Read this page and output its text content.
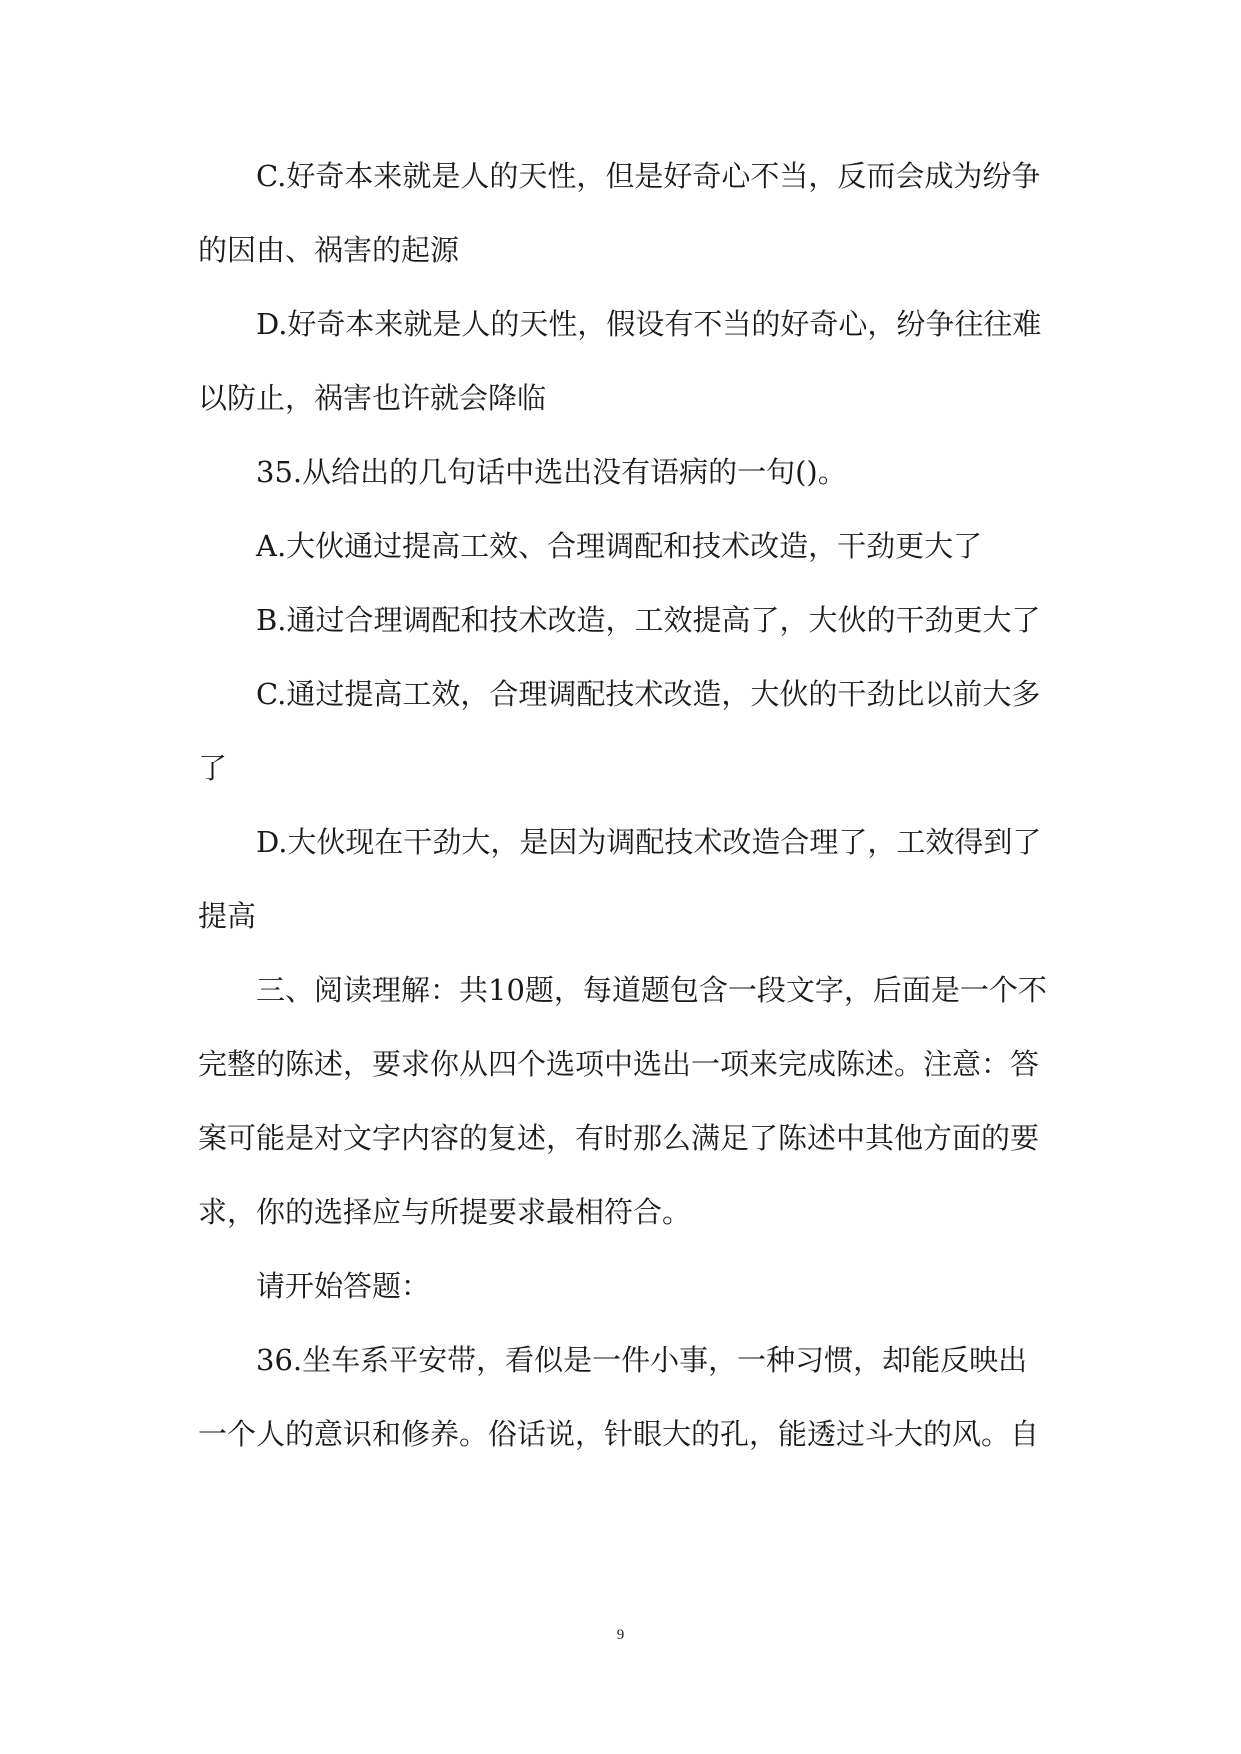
C.好奇本来就是人的天性，但是好奇心不当，反而会成为纷争
的因由、祸害的起源
D.好奇本来就是人的天性，假设有不当的好奇心，纷争往往难
以防止，祸害也许就会降临
35.从给出的几句话中选出没有语病的一句()。
A.大伙通过提高工效、合理调配和技术改造，干劲更大了
B.通过合理调配和技术改造，工效提高了，大伙的干劲更大了
C.通过提高工效，合理调配技术改造，大伙的干劲比以前大多
了
D.大伙现在干劲大，是因为调配技术改造合理了，工效得到了
提高
三、阅读理解：共10题，每道题包含一段文字，后面是一个不
完整的陈述，要求你从四个选项中选出一项来完成陈述。注意：答
案可能是对文字内容的复述，有时那么满足了陈述中其他方面的要
求，你的选择应与所提要求最相符合。
请开始答题：
36.坐车系平安带，看似是一件小事，一种习惯，却能反映出
一个人的意识和修养。俗话说，针眼大的孔，能透过斗大的风。自
9
